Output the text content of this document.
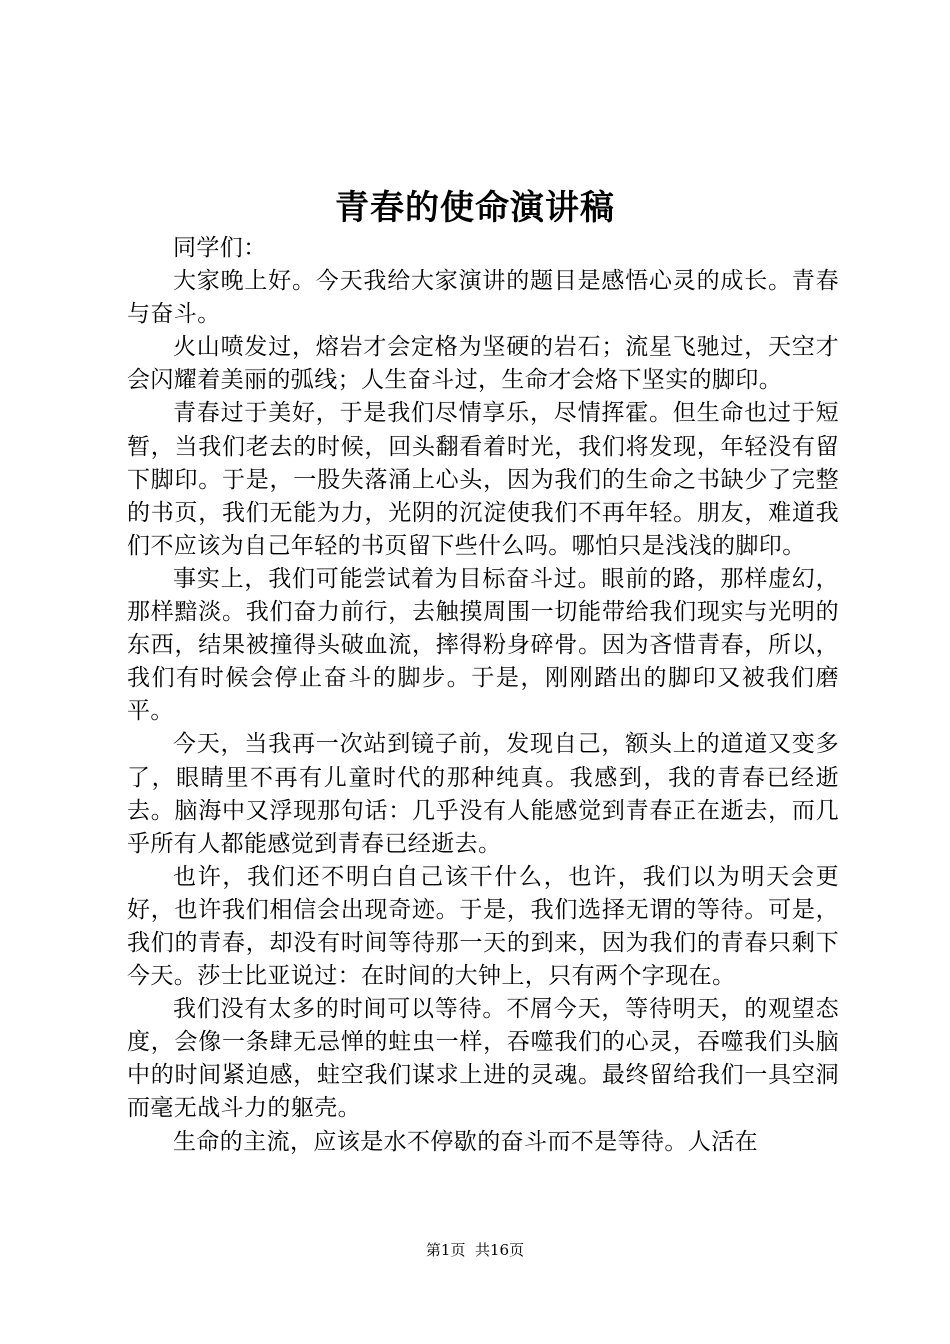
青春的使命演讲稿

同学们：

大家晚上好。今天我给大家演讲的题目是感悟心灵的成长。青春与奋斗。

火山喷发过，熔岩才会定格为坚硬的岩石；流星飞驰过，天空才会闪耀着美丽的弧线；人生奋斗过，生命才会烙下坚实的脚印。

青春过于美好，于是我们尽情享乐，尽情挥霍。但生命也过于短暂，当我们老去的时候，回头翻看着时光，我们将发现，年轻没有留下脚印。于是，一股失落涌上心头，因为我们的生命之书缺少了完整的书页，我们无能为力，光阴的沉淀使我们不再年轻。朋友，难道我们不应该为自己年轻的书页留下些什么吗。哪怕只是浅浅的脚印。

事实上，我们可能尝试着为目标奋斗过。眼前的路，那样虚幻，那样黯淡。我们奋力前行，去触摸周围一切能带给我们现实与光明的东西，结果被撞得头破血流，摔得粉身碎骨。因为吝惜青春，所以，我们有时候会停止奋斗的脚步。于是，刚刚踏出的脚印又被我们磨平。

今天，当我再一次站到镜子前，发现自己，额头上的道道又变多了，眼睛里不再有儿童时代的那种纯真。我感到，我的青春已经逝去。脑海中又浮现那句话：几乎没有人能感觉到青春正在逝去，而几乎所有人都能感觉到青春已经逝去。

也许，我们还不明白自己该干什么，也许，我们以为明天会更好，也许我们相信会出现奇迹。于是，我们选择无谓的等待。可是，我们的青春，却没有时间等待那一天的到来，因为我们的青春只剩下今天。莎士比亚说过：在时间的大钟上，只有两个字现在。

我们没有太多的时间可以等待。不屑今天，等待明天，的观望态度，会像一条肆无忌惮的蛀虫一样，吞噬我们的心灵，吞噬我们头脑中的时间紧迫感，蛀空我们谋求上进的灵魂。最终留给我们一具空洞而毫无战斗力的躯壳。

生命的主流，应该是水不停歇的奋斗而不是等待。人活在

第1页 共16页
